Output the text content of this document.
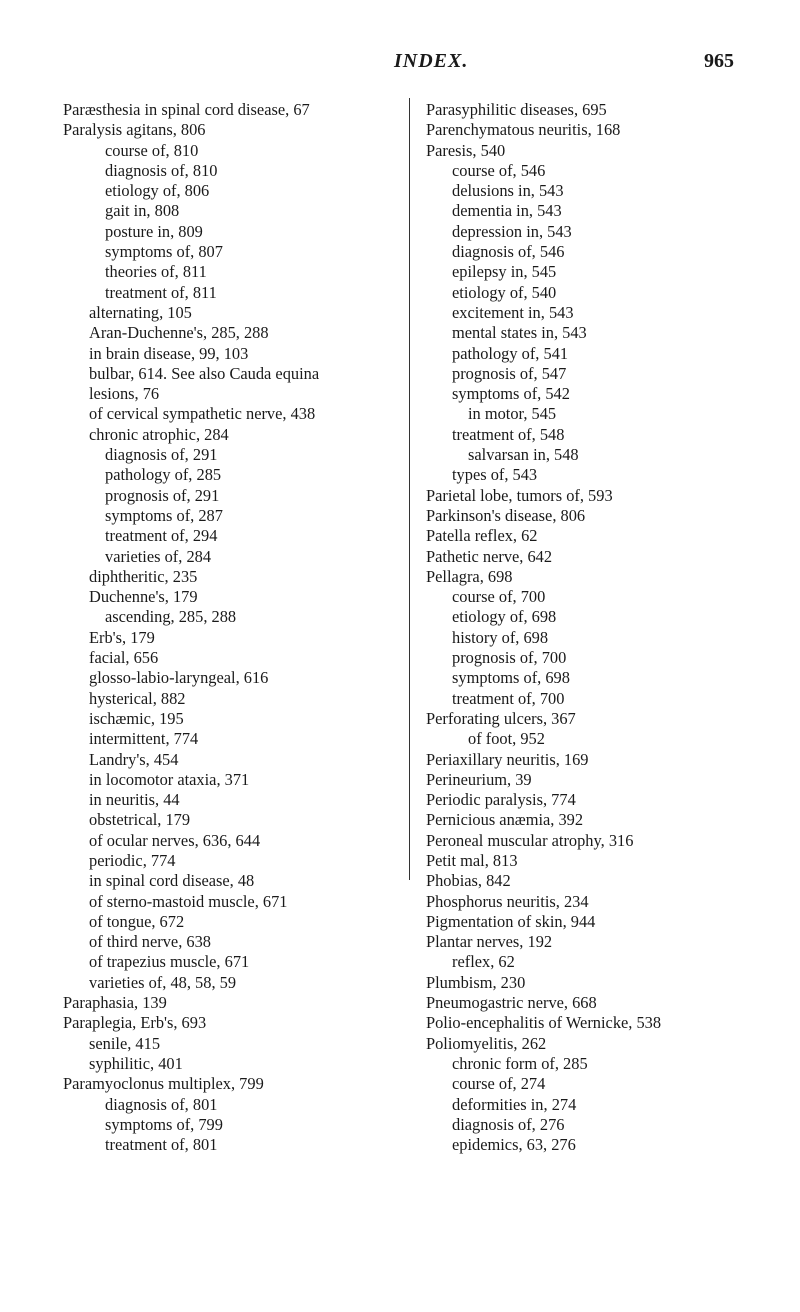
INDEX.	965
Paræsthesia in spinal cord disease, 67
Paralysis agitans, 806
course of, 810
diagnosis of, 810
etiology of, 806
gait in, 808
posture in, 809
symptoms of, 807
theories of, 811
treatment of, 811
alternating, 105
Aran-Duchenne's, 285, 288
in brain disease, 99, 103
bulbar, 614. See also Cauda equina
lesions, 76
of cervical sympathetic nerve, 438
chronic atrophic, 284
diagnosis of, 291
pathology of, 285
prognosis of, 291
symptoms of, 287
treatment of, 294
varieties of, 284
diphtheritic, 235
Duchenne's, 179
ascending, 285, 288
Erb's, 179
facial, 656
glosso-labio-laryngeal, 616
hysterical, 882
ischæmic, 195
intermittent, 774
Landry's, 454
in locomotor ataxia, 371
in neuritis, 44
obstetrical, 179
of ocular nerves, 636, 644
periodic, 774
in spinal cord disease, 48
of sterno-mastoid muscle, 671
of tongue, 672
of third nerve, 638
of trapezius muscle, 671
varieties of, 48, 58, 59
Paraphasia, 139
Paraplegia, Erb's, 693
senile, 415
syphilitic, 401
Paramyoclonus multiplex, 799
diagnosis of, 801
symptoms of, 799
treatment of, 801
Parasyphilitic diseases, 695
Parenchymatous neuritis, 168
Paresis, 540
course of, 546
delusions in, 543
dementia in, 543
depression in, 543
diagnosis of, 546
epilepsy in, 545
etiology of, 540
excitement in, 543
mental states in, 543
pathology of, 541
prognosis of, 547
symptoms of, 542
in motor, 545
treatment of, 548
salvarsan in, 548
types of, 543
Parietal lobe, tumors of, 593
Parkinson's disease, 806
Patella reflex, 62
Pathetic nerve, 642
Pellagra, 698
course of, 700
etiology of, 698
history of, 698
prognosis of, 700
symptoms of, 698
treatment of, 700
Perforating ulcers, 367
of foot, 952
Periaxillary neuritis, 169
Perineurium, 39
Periodic paralysis, 774
Pernicious anæmia, 392
Peroneal muscular atrophy, 316
Petit mal, 813
Phobias, 842
Phosphorus neuritis, 234
Pigmentation of skin, 944
Plantar nerves, 192
reflex, 62
Plumbism, 230
Pneumogastric nerve, 668
Polio-encephalitis of Wernicke, 538
Poliomyelitis, 262
chronic form of, 285
course of, 274
deformities in, 274
diagnosis of, 276
epidemics, 63, 276
